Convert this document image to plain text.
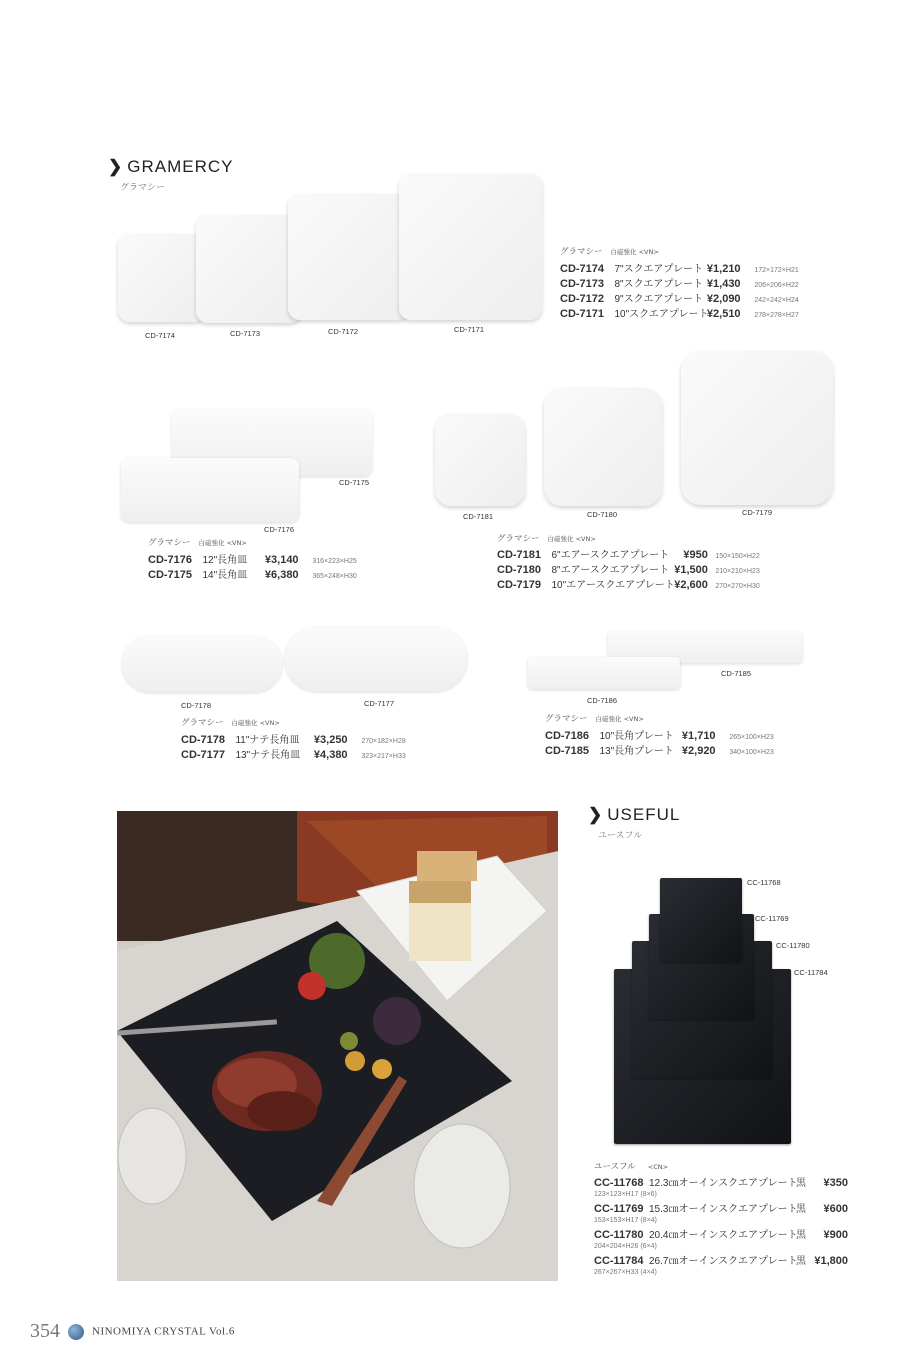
❯ GRAMERCY
グラマシー
CD-7174	CD-7173	CD-7172	CD-7171
グラマシー 白磁強化 <VN>
CD-7174 7"スクエアプレート ¥1,210 172×172×H21
CD-7173 8"スクエアプレート ¥1,430 206×206×H22
CD-7172 9"スクエアプレート ¥2,090 242×242×H24
CD-7171 10"スクエアプレート ¥2,510 278×278×H27
CD-7175
CD-7176
グラマシー 白磁強化 <VN>
CD-7176 12"長角皿 ¥3,140 316×223×H25
CD-7175 14"長角皿 ¥6,380 365×248×H30
CD-7181	CD-7180	CD-7179
グラマシー 白磁強化 <VN>
CD-7181 6"エアースクエアプレート ¥950 150×150×H22
CD-7180 8"エアースクエアプレート ¥1,500 210×210×H23
CD-7179 10"エアースクエアプレート ¥2,600 270×270×H30
CD-7178	CD-7177
グラマシー 白磁強化 <VN>
CD-7178 11"ナテ長角皿 ¥3,250 270×182×H28
CD-7177 13"ナテ長角皿 ¥4,380 323×217×H33
CD-7185
CD-7186
グラマシー 白磁強化 <VN>
CD-7186 10"長角プレート ¥1,710 265×100×H23
CD-7185 13"長角プレート ¥2,920 340×100×H23
❯ USEFUL
ユースフル
CC-11768
CC-11769
CC-11780
CC-11784
ユースフル <CN>
CC-11768 12.3㎝オーインスクエアプレート黒 ¥350
123×123×H17 (8×6)
CC-11769 15.3㎝オーインスクエアプレート黒 ¥600
153×153×H17 (8×4)
CC-11780 20.4㎝オーインスクエアプレート黒 ¥900
204×204×H26 (6×4)
CC-11784 26.7㎝オーインスクエアプレート黒 ¥1,800
267×267×H33 (4×4)
354	NINOMIYA CRYSTAL Vol.6
